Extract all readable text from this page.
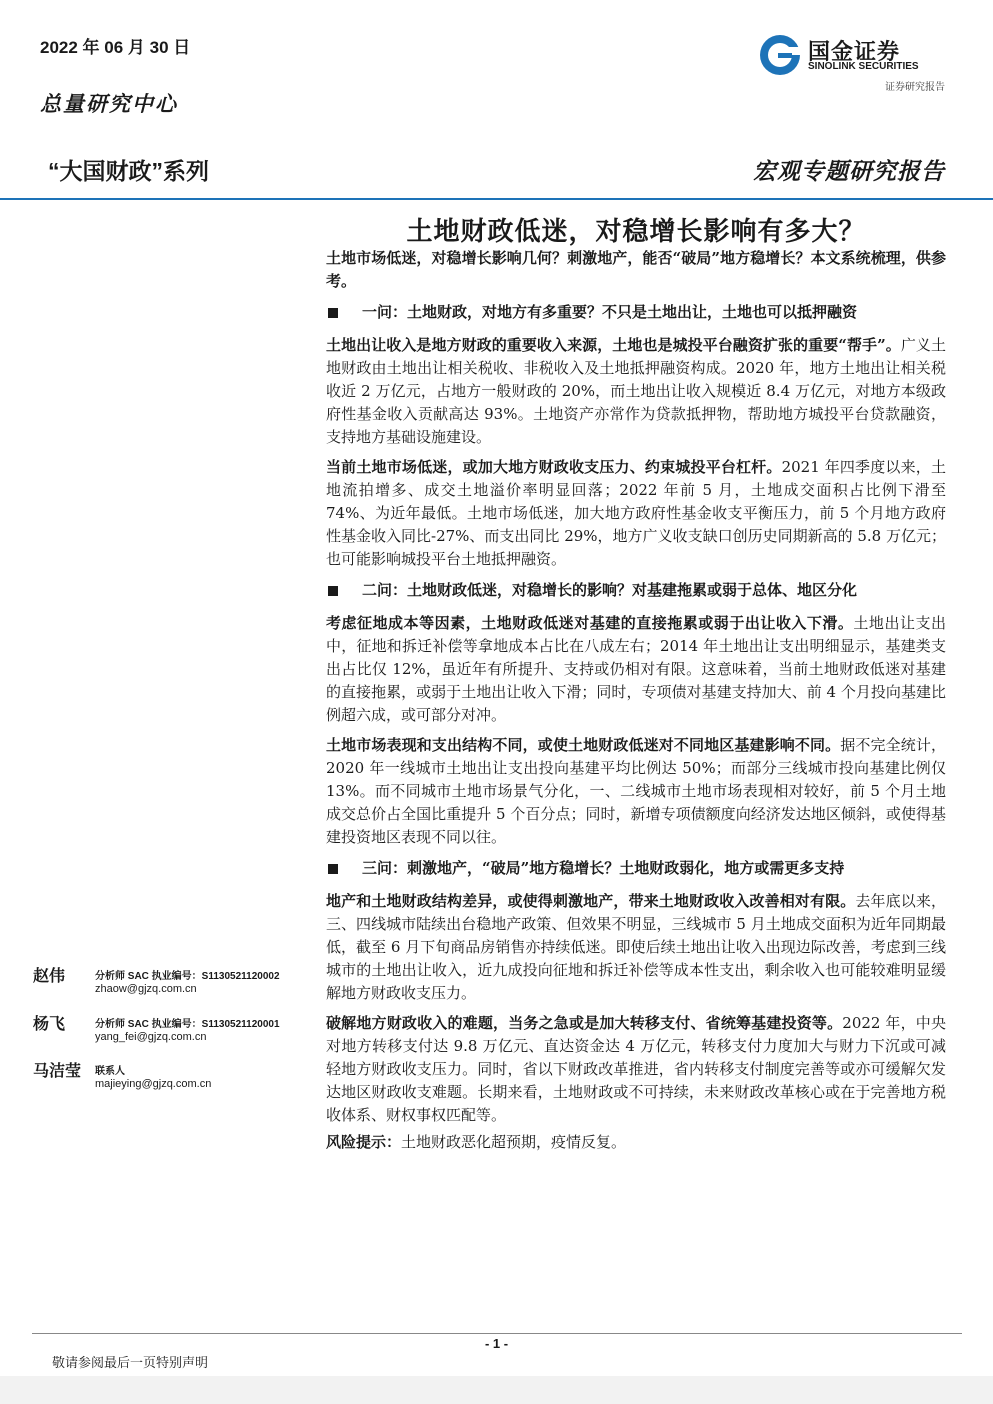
2022 年 06 月 30 日
总量研究中心
“大国财政”系列	宏观专题研究报告
国金证券
SINOLINK SECURITIES
证券研究报告
土地财政低迷，对稳增长影响有多大？

土地市场低迷，对稳增长影响几何？刺激地产，能否“破局”地方稳增长？本文系统梳理，供参考。

一问：土地财政，对地方有多重要？不只是土地出让，土地也可以抵押融资

土地出让收入是地方财政的重要收入来源，土地也是城投平台融资扩张的重要“帮手”。广义土地财政由土地出让相关税收、非税收入及土地抵押融资构成。2020 年，地方土地出让相关税收近 2 万亿元，占地方一般财政的 20%，而土地出让收入规模近 8.4 万亿元，对地方本级政府性基金收入贡献高达 93%。土地资产亦常作为贷款抵押物，帮助地方城投平台贷款融资，支持地方基础设施建设。

当前土地市场低迷，或加大地方财政收支压力、约束城投平台杠杆。2021 年四季度以来，土地流拍增多、成交土地溢价率明显回落；2022 年前 5 月，土地成交面积占比例下滑至 74%、为近年最低。土地市场低迷，加大地方政府性基金收支平衡压力，前 5 个月地方政府性基金收入同比-27%、而支出同比 29%，地方广义收支缺口创历史同期新高的 5.8 万亿元；也可能影响城投平台土地抵押融资。

二问：土地财政低迷，对稳增长的影响？对基建拖累或弱于总体、地区分化

考虑征地成本等因素，土地财政低迷对基建的直接拖累或弱于出让收入下滑。土地出让支出中，征地和拆迁补偿等拿地成本占比在八成左右；2014 年土地出让支出明细显示，基建类支出占比仅 12%，虽近年有所提升、支持或仍相对有限。这意味着，当前土地财政低迷对基建的直接拖累，或弱于土地出让收入下滑；同时，专项债对基建支持加大、前 4 个月投向基建比例超六成，或可部分对冲。

土地市场表现和支出结构不同，或使土地财政低迷对不同地区基建影响不同。据不完全统计，2020 年一线城市土地出让支出投向基建平均比例达 50%；而部分三线城市投向基建比例仅 13%。而不同城市土地市场景气分化，一、二线城市土地市场表现相对较好，前 5 个月土地成交总价占全国比重提升 5 个百分点；同时，新增专项债额度向经济发达地区倾斜，或使得基建投资地区表现不同以往。

三问：刺激地产，“破局”地方稳增长？土地财政弱化，地方或需更多支持

地产和土地财政结构差异，或使得刺激地产，带来土地财政收入改善相对有限。去年底以来，三、四线城市陆续出台稳地产政策、但效果不明显，三线城市 5 月土地成交面积为近年同期最低，截至 6 月下旬商品房销售亦持续低迷。即使后续土地出让收入出现边际改善，考虑到三线城市的土地出让收入，近九成投向征地和拆迁补偿等成本性支出，剩余收入也可能较难明显缓解地方财政收支压力。

破解地方财政收入的难题，当务之急或是加大转移支付、省统筹基建投资等。2022 年，中央对地方转移支付达 9.8 万亿元、直达资金达 4 万亿元，转移支付力度加大与财力下沉或可减轻地方财政收支压力。同时，省以下财政改革推进，省内转移支付制度完善等或亦可缓解欠发达地区财政收支难题。长期来看，土地财政或不可持续，未来财政改革核心或在于完善地方税收体系、财权事权匹配等。

风险提示：土地财政恶化超预期，疫情反复。
赵伟	分析师 SAC 执业编号：S1130521120002
zhaow@gjzq.com.cn
杨飞	分析师 SAC 执业编号：S1130521120001
yang_fei@gjzq.com.cn
马洁莹 联系人
majieying@gjzq.com.cn
- 1 -
敬请参阅最后一页特别声明
